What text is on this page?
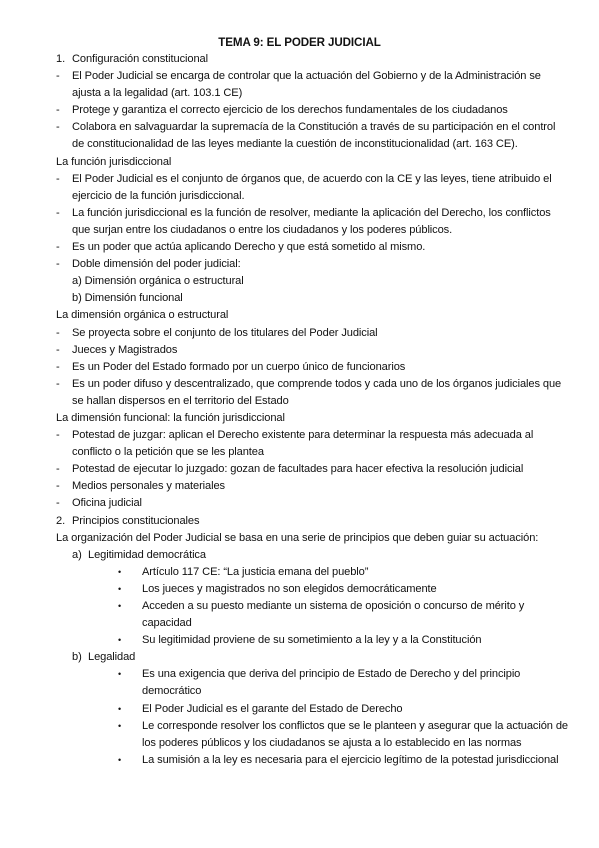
TEMA 9: EL PODER JUDICIAL
1. Configuración constitucional
-	El Poder Judicial se encarga de controlar que la actuación del Gobierno y de la Administración se ajusta a la legalidad (art. 103.1 CE)
-	Protege y garantiza el correcto ejercicio de los derechos fundamentales de los ciudadanos
-	Colabora en salvaguardar la supremacía de la Constitución a través de su participación en el control de constitucionalidad de las leyes mediante la cuestión de inconstitucionalidad (art. 163 CE).
La función jurisdiccional
-	El Poder Judicial es el conjunto de órganos que, de acuerdo con la CE y las leyes, tiene atribuido el ejercicio de la función jurisdiccional.
-	La función jurisdiccional es la función de resolver, mediante la aplicación del Derecho, los conflictos que surjan entre los ciudadanos o entre los ciudadanos y los poderes públicos.
-	Es un poder que actúa aplicando Derecho y que está sometido al mismo.
-	Doble dimensión del poder judicial:
a) Dimensión orgánica o estructural
b) Dimensión funcional
La dimensión orgánica o estructural
-	Se proyecta sobre el conjunto de los titulares del Poder Judicial
-	Jueces y Magistrados
-	Es un Poder del Estado formado por un cuerpo único de funcionarios
-	Es un poder difuso y descentralizado, que comprende todos y cada uno de los órganos judiciales que se hallan dispersos en el territorio del Estado
La dimensión funcional: la función jurisdiccional
-	Potestad de juzgar: aplican el Derecho existente para determinar la respuesta más adecuada al conflicto o la petición que se les plantea
-	Potestad de ejecutar lo juzgado: gozan de facultades para hacer efectiva la resolución judicial
-	Medios personales y materiales
-	Oficina judicial
2. Principios constitucionales
La organización del Poder Judicial se basa en una serie de principios que deben guiar su actuación:
a) Legitimidad democrática
•	Artículo 117 CE: “La justicia emana del pueblo”
•	Los jueces y magistrados no son elegidos democráticamente
•	Acceden a su puesto mediante un sistema de oposición o concurso de mérito y capacidad
•	Su legitimidad proviene de su sometimiento a la ley y a la Constitución
b) Legalidad
•	Es una exigencia que deriva del principio de Estado de Derecho y del principio democrático
•	El Poder Judicial es el garante del Estado de Derecho
•	Le corresponde resolver los conflictos que se le planteen y asegurar que la actuación de los poderes públicos y los ciudadanos se ajusta a lo establecido en las normas
•	La sumisión a la ley es necesaria para el ejercicio legítimo de la potestad jurisdiccional
